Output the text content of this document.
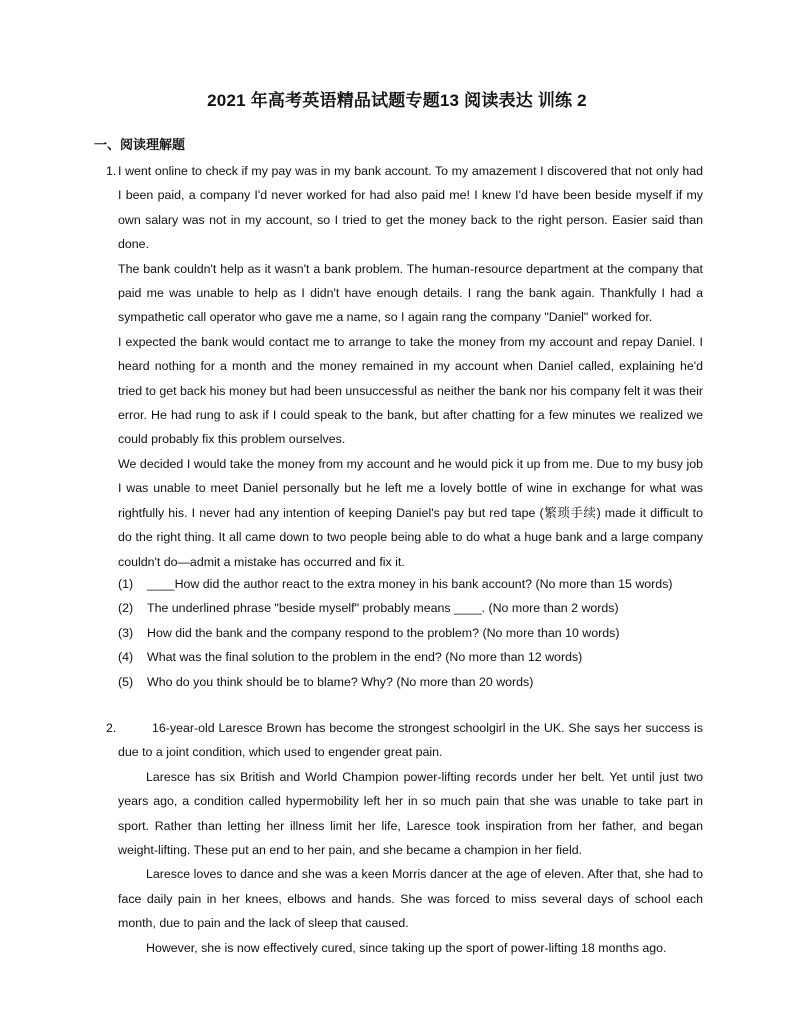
2021 年高考英语精品试题专题13 阅读表达 训练 2
一、阅读理解题
1. I went online to check if my pay was in my bank account. To my amazement I discovered that not only had I been paid, a company I'd never worked for had also paid me! I knew I'd have been beside myself if my own salary was not in my account, so I tried to get the money back to the right person. Easier said than done.

The bank couldn't help as it wasn't a bank problem. The human-resource department at the company that paid me was unable to help as I didn't have enough details. I rang the bank again. Thankfully I had a sympathetic call operator who gave me a name, so I again rang the company "Daniel" worked for.

I expected the bank would contact me to arrange to take the money from my account and repay Daniel. I heard nothing for a month and the money remained in my account when Daniel called, explaining he'd tried to get back his money but had been unsuccessful as neither the bank nor his company felt it was their error. He had rung to ask if I could speak to the bank, but after chatting for a few minutes we realized we could probably fix this problem ourselves.

We decided I would take the money from my account and he would pick it up from me. Due to my busy job I was unable to meet Daniel personally but he left me a lovely bottle of wine in exchange for what was rightfully his. I never had any intention of keeping Daniel's pay but red tape (繁琐手续) made it difficult to do the right thing. It all came down to two people being able to do what a huge bank and a large company couldn't do—admit a mistake has occurred and fix it.

(1)	____How did the author react to the extra money in his bank account? (No more than 15 words)
(2)	The underlined phrase "beside myself" probably means ____. (No more than 2 words)
(3)	How did the bank and the company respond to the problem? (No more than 10 words)
(4)	What was the final solution to the problem in the end? (No more than 12 words)
(5)	Who do you think should be to blame? Why? (No more than 20 words)
2.	16-year-old Laresce Brown has become the strongest schoolgirl in the UK. She says her success is due to a joint condition, which used to engender great pain.

Laresce has six British and World Champion power-lifting records under her belt. Yet until just two years ago, a condition called hypermobility left her in so much pain that she was unable to take part in sport. Rather than letting her illness limit her life, Laresce took inspiration from her father, and began weight-lifting. These put an end to her pain, and she became a champion in her field.

Laresce loves to dance and she was a keen Morris dancer at the age of eleven. After that, she had to face daily pain in her knees, elbows and hands. She was forced to miss several days of school each month, due to pain and the lack of sleep that caused.

However, she is now effectively cured, since taking up the sport of power-lifting 18 months ago.
